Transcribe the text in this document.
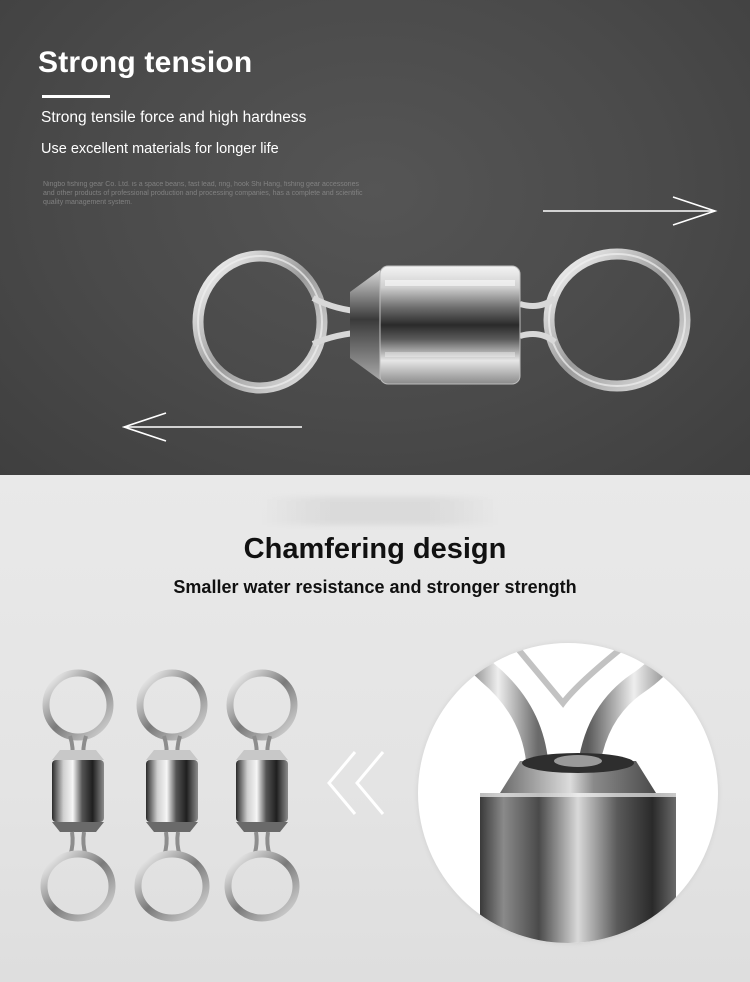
Strong tension
Strong tensile force and high hardness
Use excellent materials for longer life
Ningbo fishing gear Co. Ltd. is a space beans, fast lead, ring, hook Shi Hang, fishing gear accessories and other products of professional production and processing companies, has a complete and scientific quality management system.
Chamfering design
Smaller water resistance and stronger strength
